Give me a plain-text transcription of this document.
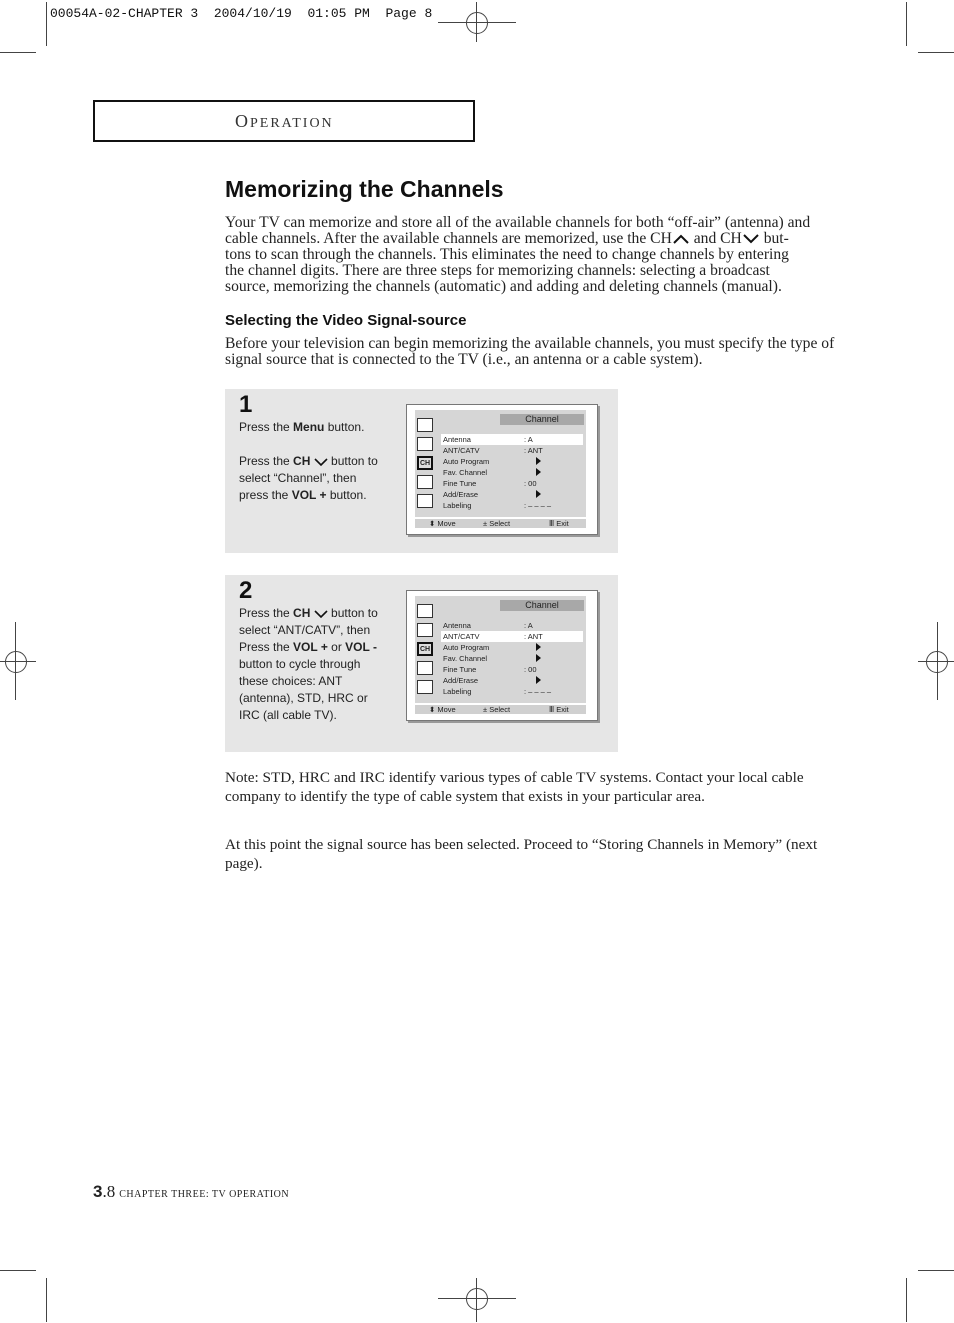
00054A-02-CHAPTER 3  2004/10/19  01:05 PM  Page 8
OPERATION
Memorizing the Channels
Your TV can memorize and store all of the available channels for both “off-air” (antenna) and
cable channels. After the available channels are memorized, use the CH and CH but-
tons to scan through the channels. This eliminates the need to change channels by entering
the channel digits. There are three steps for memorizing channels: selecting a broadcast
source, memorizing the channels (automatic) and adding and deleting channels (manual).
Selecting the Video Signal-source
Before your television can begin memorizing the available channels, you must specify the type of signal source that is connected to the TV (i.e., an antenna or a cable system).
1

Press the Menu button.

Press the CH  button to select “Channel”, then press the VOL + button.

CH
Channel
Antenna	: A
ANT/CATV	: ANT
Auto Program
Fav. Channel
Fine Tune	: 00
Add/Erase
Labeling	: – – – –
⬍ Move	± Select	Ⅲ Exit
2

Press the CH  button to select “ANT/CATV”, then Press the VOL + or VOL - button to cycle through these choices: ANT (antenna), STD, HRC or IRC (all cable TV).

CH
Channel
Antenna	: A
ANT/CATV	: ANT
Auto Program
Fav. Channel
Fine Tune	: 00
Add/Erase
Labeling	: – – – –
⬍ Move	± Select	Ⅲ Exit
Note: STD, HRC and IRC identify various types of cable TV systems. Contact your local cable company to identify the type of cable system that exists in your particular area.
At this point the signal source has been selected. Proceed to “Storing Channels in Memory” (next page).
3.8 CHAPTER THREE: TV OPERATION
